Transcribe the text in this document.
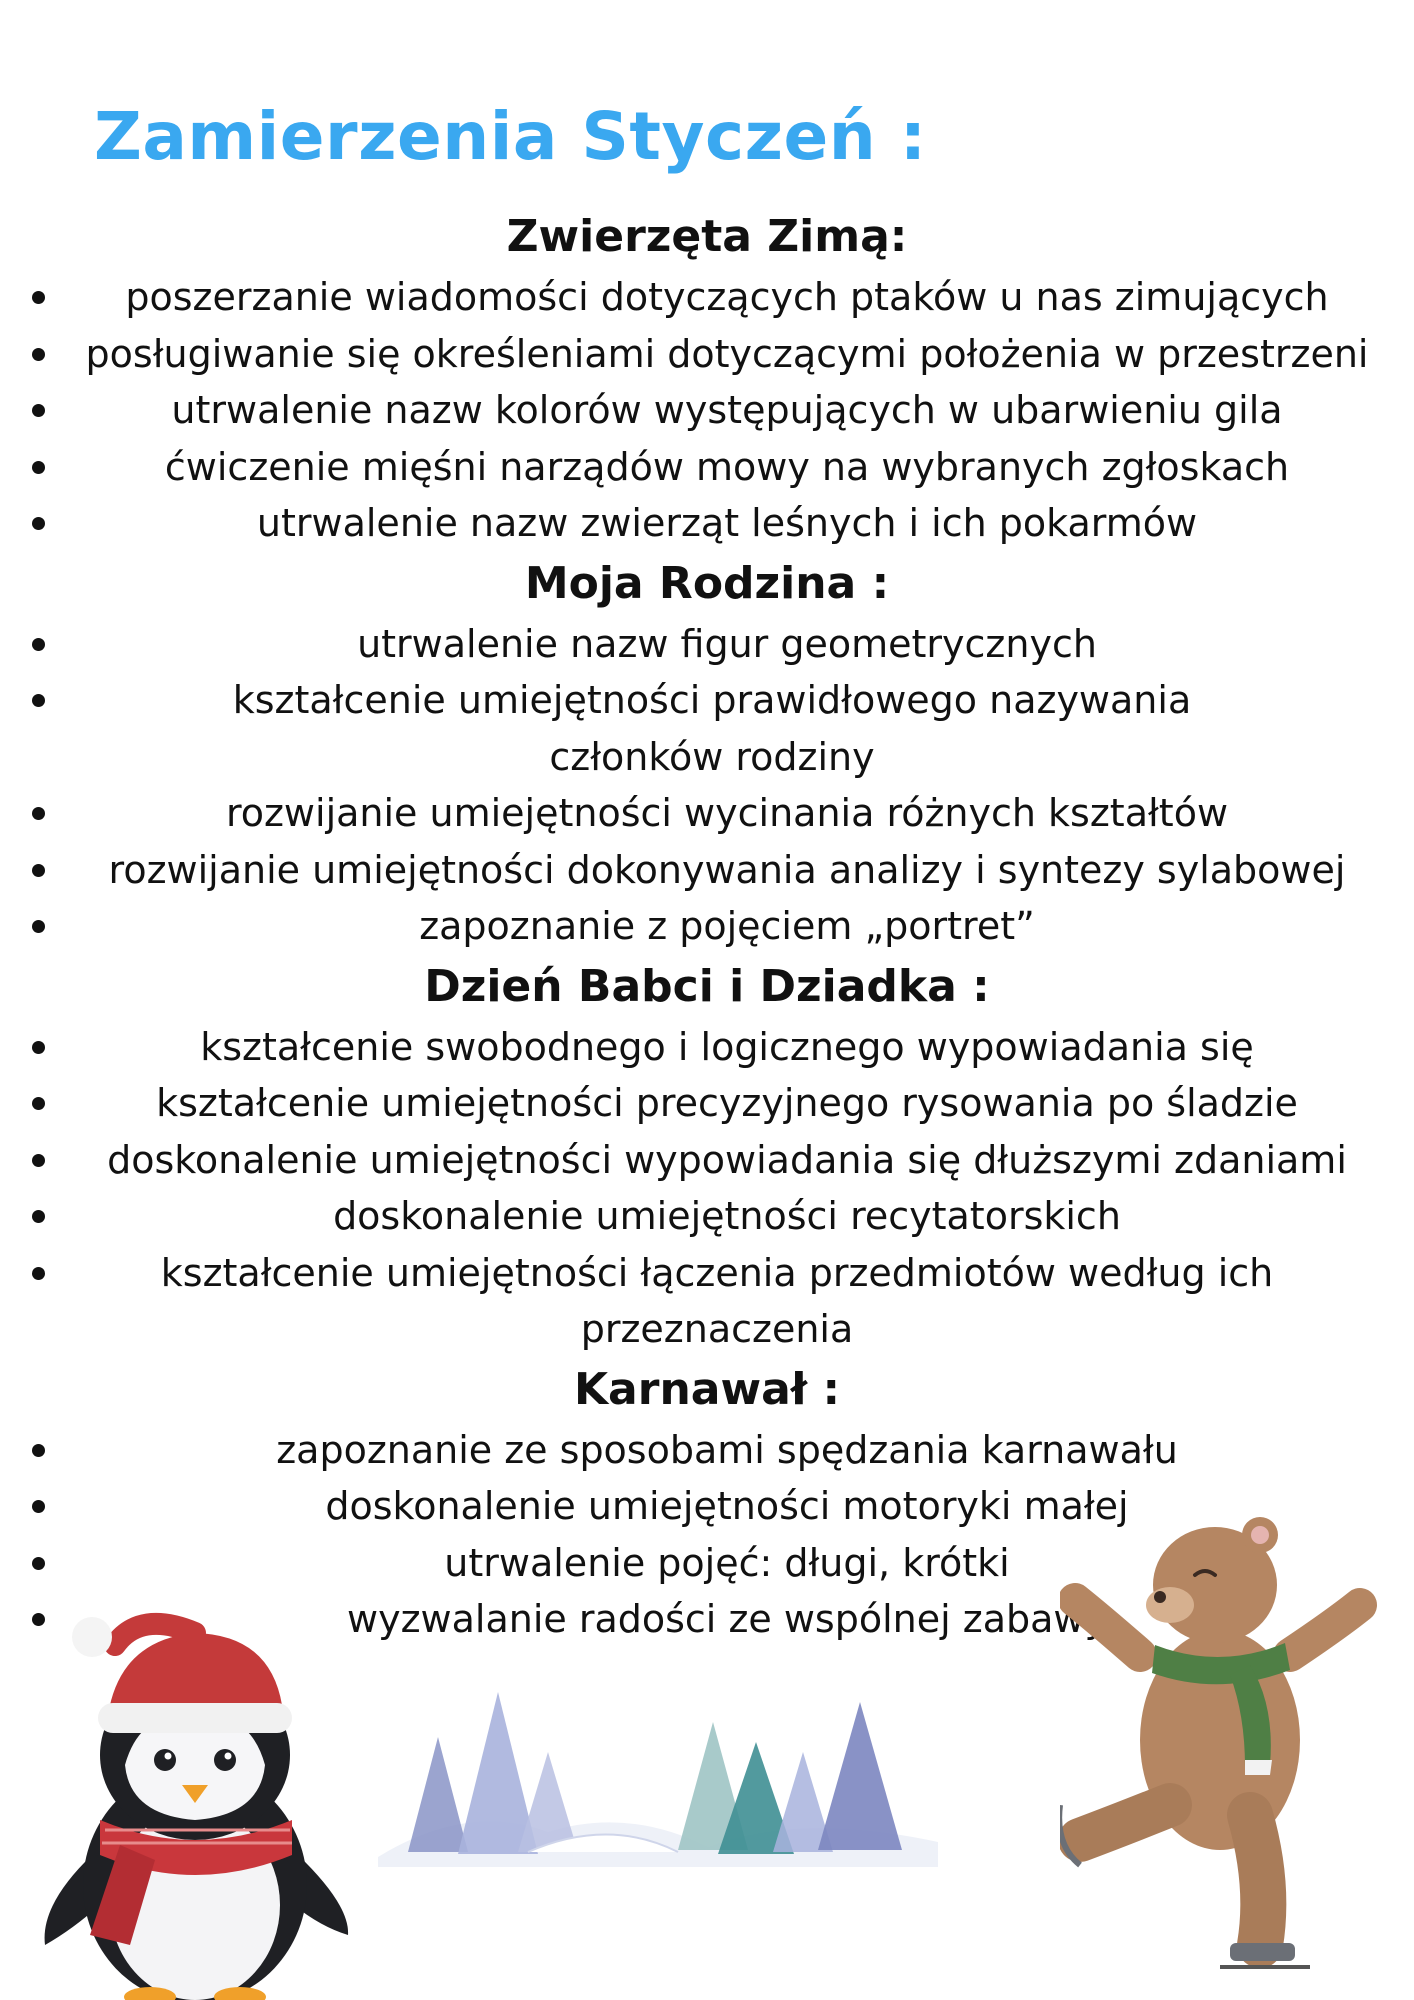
Zamierzenia Styczeń :
Zwierzęta Zimą:
poszerzanie wiadomości dotyczących ptaków u nas zimujących
posługiwanie się określeniami dotyczącymi położenia w przestrzeni
utrwalenie nazw kolorów występujących w ubarwieniu gila
ćwiczenie mięśni narządów mowy na wybranych zgłoskach
utrwalenie nazw zwierząt leśnych i ich pokarmów
Moja Rodzina :
utrwalenie nazw figur geometrycznych
kształcenie umiejętności prawidłowego nazywania członków rodziny
rozwijanie umiejętności wycinania różnych kształtów
rozwijanie umiejętności dokonywania analizy i syntezy sylabowej
zapoznanie z pojęciem „portret”
Dzień Babci i Dziadka :
kształcenie swobodnego i logicznego wypowiadania się
kształcenie umiejętności precyzyjnego rysowania po śladzie
doskonalenie umiejętności wypowiadania się dłuższymi zdaniami
doskonalenie umiejętności recytatorskich
kształcenie umiejętności łączenia przedmiotów według ich przeznaczenia
Karnawał :
zapoznanie ze sposobami spędzania karnawału
doskonalenie umiejętności motoryki małej
utrwalenie pojęć: długi, krótki
wyzwalanie radości ze wspólnej zabawy
